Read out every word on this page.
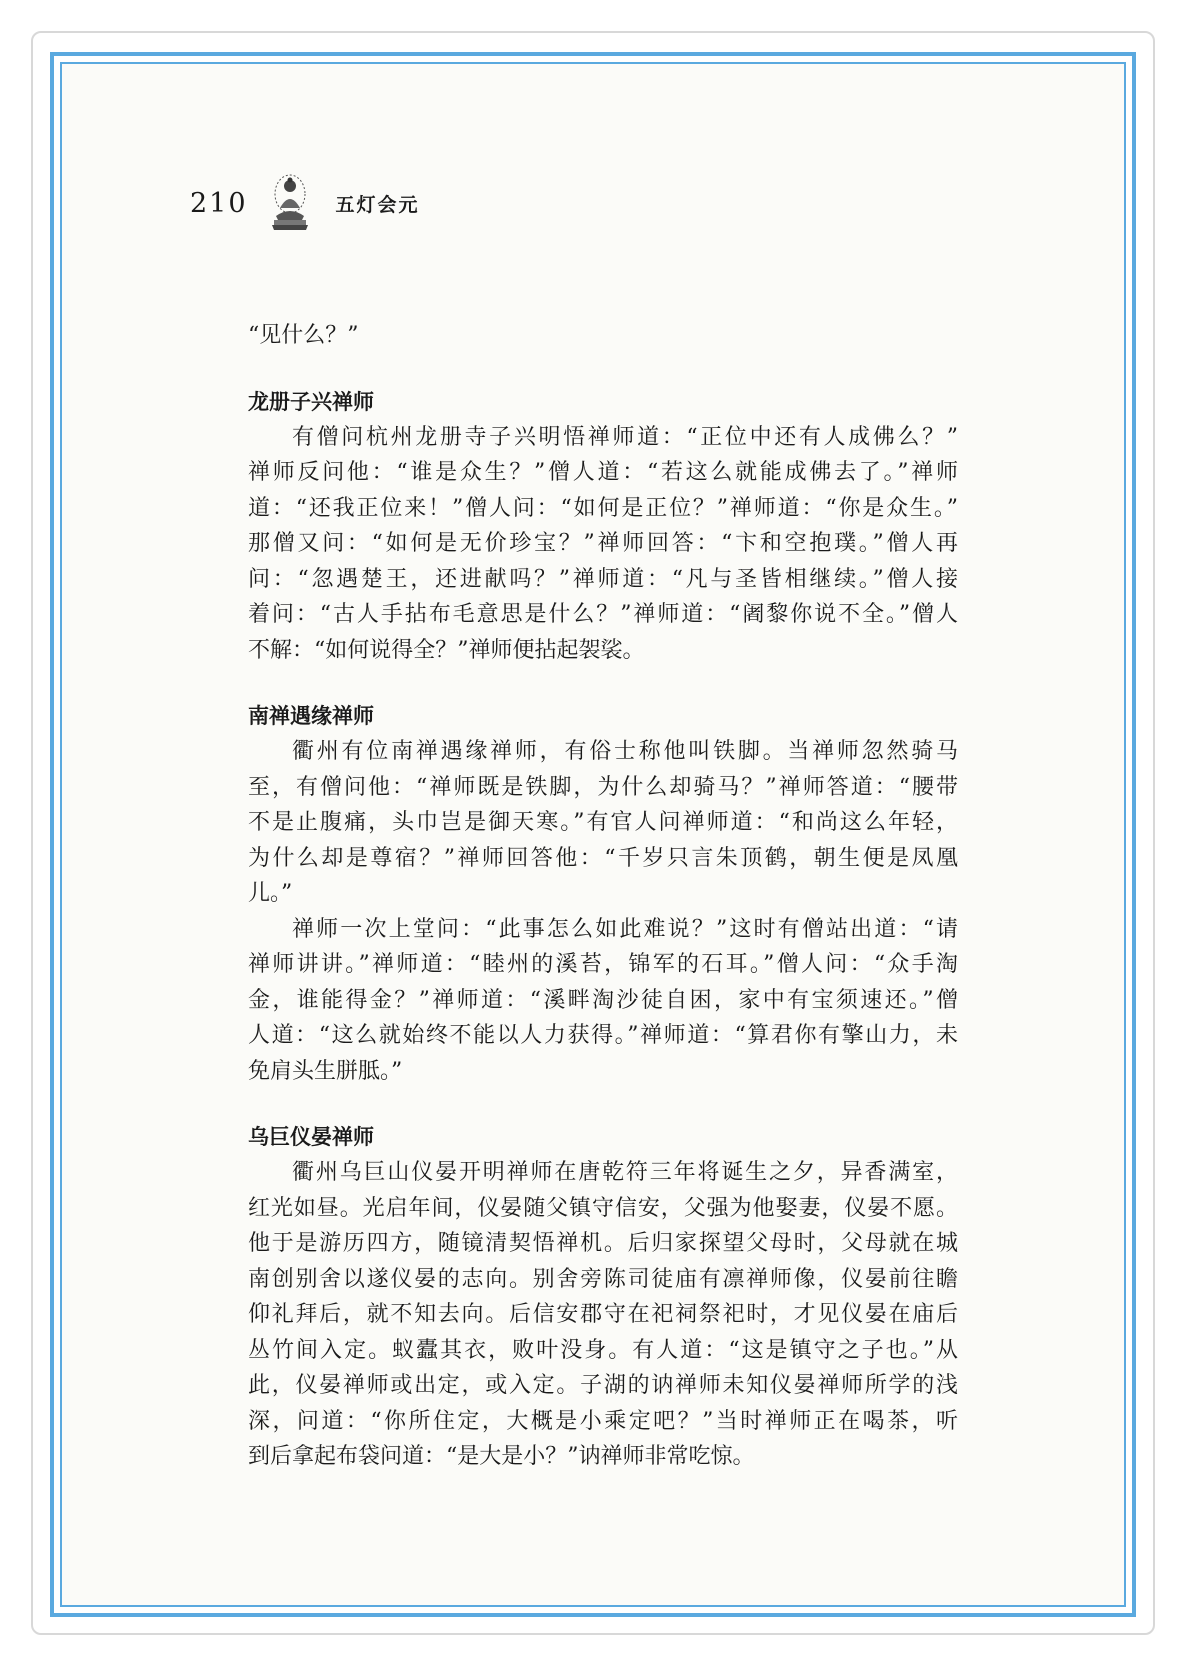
210	五灯会元
“见什么？”
龙册子兴禅师
有僧问杭州龙册寺子兴明悟禅师道：“正位中还有人成佛么？”
禅师反问他：“谁是众生？”僧人道：“若这么就能成佛去了。”禅师
道：“还我正位来！”僧人问：“如何是正位？”禅师道：“你是众生。”
那僧又问：“如何是无价珍宝？”禅师回答：“卞和空抱璞。”僧人再
问：“忽遇楚王，还进献吗？”禅师道：“凡与圣皆相继续。”僧人接
着问：“古人手拈布毛意思是什么？”禅师道：“阇黎你说不全。”僧人
不解：“如何说得全？”禅师便拈起袈裟。
南禅遇缘禅师
衢州有位南禅遇缘禅师，有俗士称他叫铁脚。当禅师忽然骑马
至，有僧问他：“禅师既是铁脚，为什么却骑马？”禅师答道：“腰带
不是止腹痛，头巾岂是御天寒。”有官人问禅师道：“和尚这么年轻，
为什么却是尊宿？”禅师回答他：“千岁只言朱顶鹤，朝生便是凤凰
儿。”
禅师一次上堂问：“此事怎么如此难说？”这时有僧站出道：“请
禅师讲讲。”禅师道：“睦州的溪苔，锦军的石耳。”僧人问：“众手淘
金，谁能得金？”禅师道：“溪畔淘沙徒自困，家中有宝须速还。”僧
人道：“这么就始终不能以人力获得。”禅师道：“算君你有擎山力，未
免肩头生胼胝。”
乌巨仪晏禅师
衢州乌巨山仪晏开明禅师在唐乾符三年将诞生之夕，异香满室，
红光如昼。光启年间，仪晏随父镇守信安，父强为他娶妻，仪晏不愿。
他于是游历四方，随镜清契悟禅机。后归家探望父母时，父母就在城
南创别舍以遂仪晏的志向。别舍旁陈司徒庙有凛禅师像，仪晏前往瞻
仰礼拜后，就不知去向。后信安郡守在祀祠祭祀时，才见仪晏在庙后
丛竹间入定。蚁蠹其衣，败叶没身。有人道：“这是镇守之子也。”从
此，仪晏禅师或出定，或入定。子湖的讷禅师未知仪晏禅师所学的浅
深，问道：“你所住定，大概是小乘定吧？”当时禅师正在喝茶，听
到后拿起布袋问道：“是大是小？”讷禅师非常吃惊。
